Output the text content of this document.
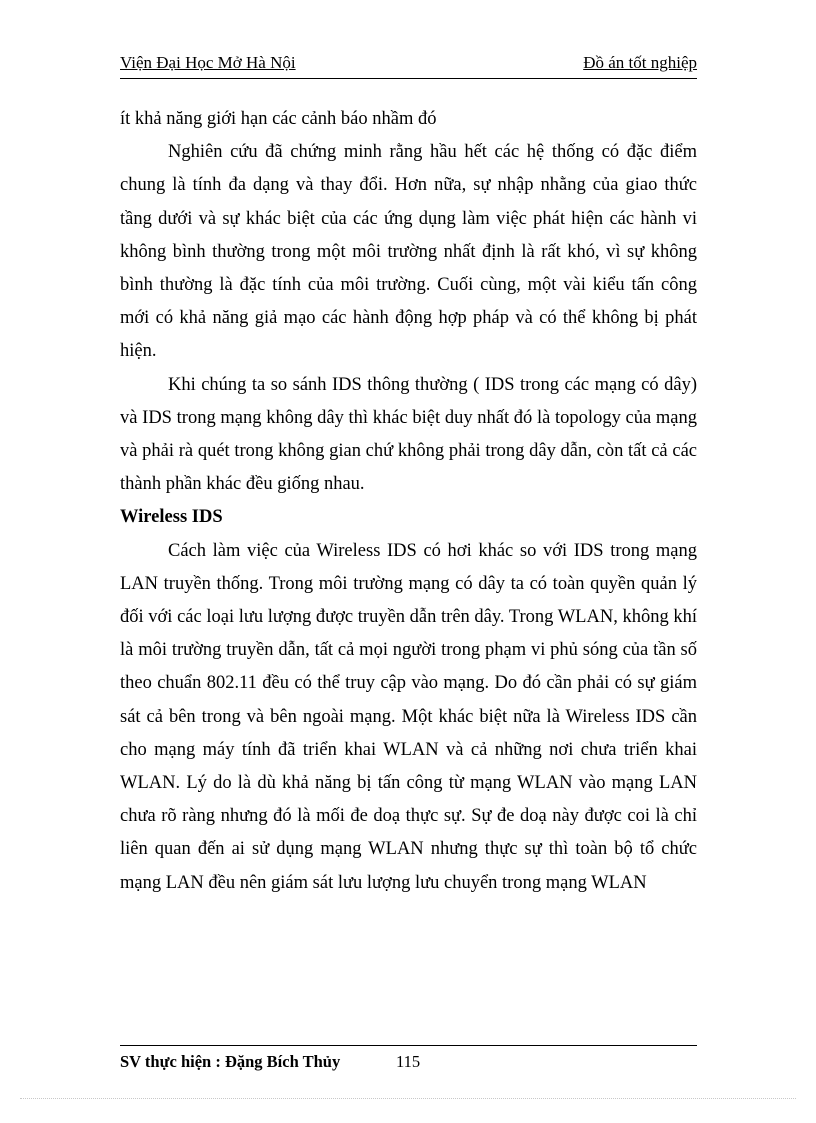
Viện Đại Học Mở Hà Nội	Đồ án tốt nghiệp

ít khả năng giới hạn các cảnh báo nhầm đó

Nghiên cứu đã chứng minh rằng hầu hết các hệ thống có đặc điểm chung là tính đa dạng và thay đổi. Hơn nữa, sự nhập nhằng của giao thức tầng dưới và sự khác biệt của các ứng dụng làm việc phát hiện các hành vi không bình thường trong một môi trường nhất định là rất khó, vì sự không bình thường là đặc tính của môi trường. Cuối cùng, một vài kiểu tấn công mới có khả năng giả mạo các hành động hợp pháp và có thể không bị phát hiện.

Khi chúng ta so sánh IDS thông thường ( IDS trong các mạng có dây) và IDS trong mạng không dây thì khác biệt duy nhất đó là topology của mạng và phải rà quét trong không gian chứ không phải trong dây dẫn, còn tất cả các thành phần khác đều giống nhau.

Wireless IDS

Cách làm việc của Wireless IDS có hơi khác so với IDS trong mạng LAN truyền thống. Trong môi trường mạng có dây ta có toàn quyền quản lý đối với các loại lưu lượng được truyền dẫn trên dây. Trong WLAN, không khí là môi trường truyền dẫn, tất cả mọi người trong phạm vi phủ sóng của tần số theo chuẩn 802.11 đều có thể truy cập vào mạng. Do đó cần phải có sự giám sát cả bên trong và bên ngoài mạng. Một khác biệt nữa là Wireless IDS cần cho mạng máy tính đã triển khai WLAN và cả những nơi chưa triển khai WLAN. Lý do là dù khả năng bị tấn công từ mạng WLAN vào mạng LAN chưa rõ ràng nhưng đó là mối đe doạ thực sự. Sự đe doạ này được coi là chỉ liên quan đến ai sử dụng mạng WLAN nhưng thực sự thì toàn bộ tổ chức mạng LAN đều nên giám sát lưu lượng lưu chuyển trong mạng WLAN

SV thực hiện : Đặng Bích Thủy	115
